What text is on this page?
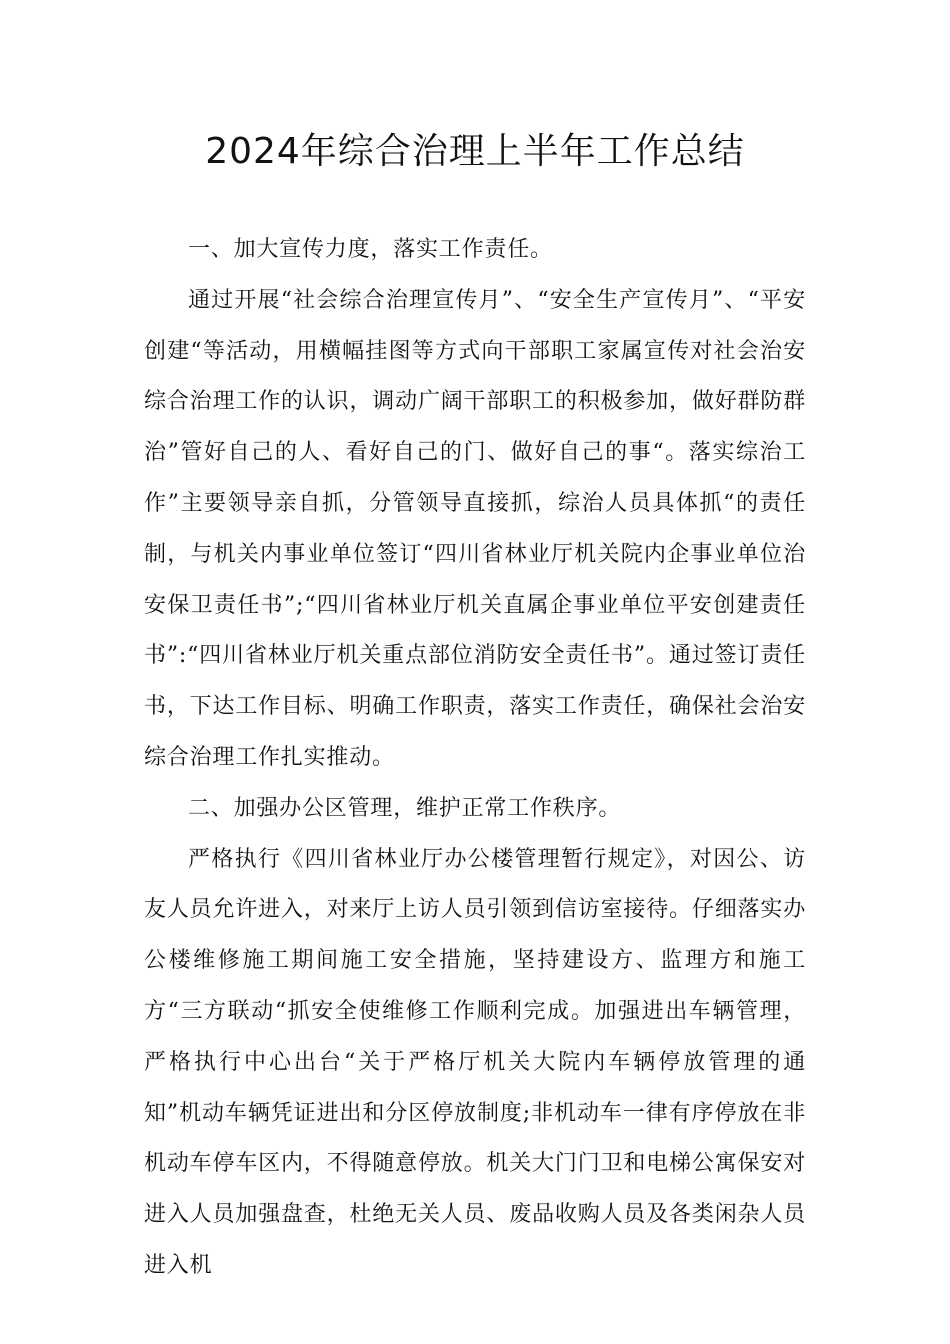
2024年综合治理上半年工作总结

一、加大宣传力度，落实工作责任。

通过开展“社会综合治理宣传月”、“安全生产宣传月”、“平安创建“等活动，用横幅挂图等方式向干部职工家属宣传对社会治安综合治理工作的认识，调动广阔干部职工的积极参加，做好群防群治”管好自己的人、看好自己的门、做好自己的事“。落实综治工作”主要领导亲自抓，分管领导直接抓，综治人员具体抓“的责任制，与机关内事业单位签订“四川省林业厅机关院内企事业单位治安保卫责任书”;“四川省林业厅机关直属企事业单位平安创建责任书”:“四川省林业厅机关重点部位消防安全责任书”。通过签订责任书，下达工作目标、明确工作职责，落实工作责任，确保社会治安综合治理工作扎实推动。

二、加强办公区管理，维护正常工作秩序。

严格执行《四川省林业厅办公楼管理暂行规定》，对因公、访友人员允许进入，对来厅上访人员引领到信访室接待。仔细落实办公楼维修施工期间施工安全措施，坚持建设方、监理方和施工方“三方联动“抓安全使维修工作顺利完成。加强进出车辆管理，严格执行中心出台“关于严格厅机关大院内车辆停放管理的通知”机动车辆凭证进出和分区停放制度;非机动车一律有序停放在非机动车停车区内，不得随意停放。机关大门门卫和电梯公寓保安对进入人员加强盘查，杜绝无关人员、废品收购人员及各类闲杂人员进入机
